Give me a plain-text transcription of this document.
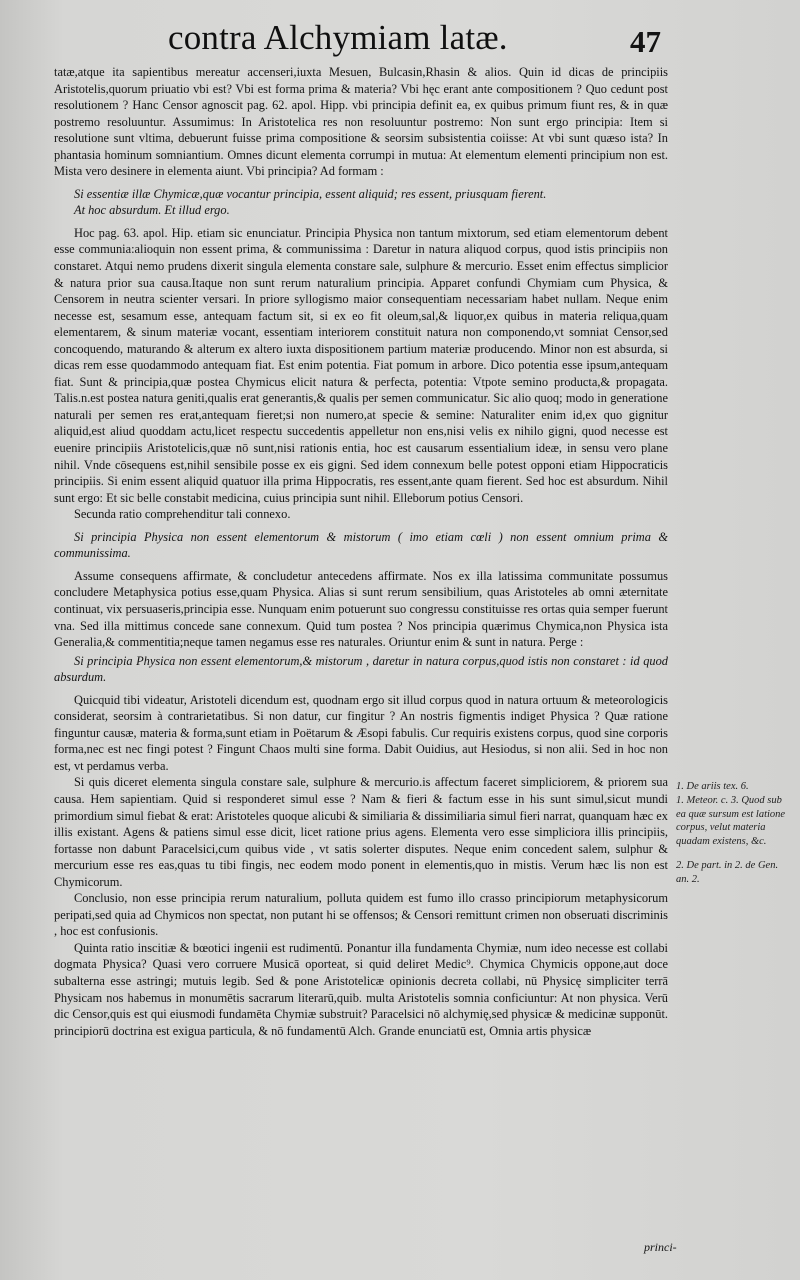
contra Alchymiam latæ.	47

tatæ,atque ita sapientibus mereatur accenseri,iuxta Mesuen, Bulcasin,Rhasin & alios. Quin id dicas de principiis Aristotelis,quorum priuatio vbi est? Vbi est forma prima & materia? Vbi hęc erant ante compositionem ? Quo cedunt post resolutionem ? Hanc Censor agnoscit pag. 62. apol. Hipp. vbi principia definit ea, ex quibus primum fiunt res, & in quæ postremo resoluuntur. Assumimus: In Aristotelica res non resoluuntur postremo: Non sunt ergo principia: Item si resolutione sunt vltima, debuerunt fuisse prima compositione & seorsim subsistentia coiisse: At vbi sunt quæso ista? In phantasia hominum somniantium. Omnes dicunt elementa corrumpi in mutua: At elementum elementi principium non est. Mista vero desinere in elementa aiunt. Vbi principia? Ad formam :

Si essentiæ illæ Chymicæ,quæ vocantur principia, essent aliquid; res essent, priusquam fierent.

At hoc absurdum. Et illud ergo.

Hoc pag. 63. apol. Hip. etiam sic enunciatur. Principia Physica non tantum mixtorum, sed etiam elementorum debent esse communia:alioquin non essent prima, & communissima : Daretur in natura aliquod corpus, quod istis principiis non constaret. Atqui nemo prudens dixerit singula elementa constare sale, sulphure & mercurio. Esset enim effectus simplicior & natura prior sua causa.Itaque non sunt rerum naturalium principia. Apparet confundi Chymiam cum Physica, & Censorem in neutra scienter versari. In priore syllogismo maior consequentiam necessariam habet nullam. Neque enim necesse est, sesamum esse, antequam factum sit, si ex eo fit oleum,sal,& liquor,ex quibus in materia reliqua,quam elementarem, & sinum materiæ vocant, essentiam interiorem constituit natura non componendo,vt somniat Censor,sed concoquendo, maturando & alterum ex altero iuxta dispositionem partium materiæ producendo. Minor non est absurda, si dicas rem esse quodammodo antequam fiat. Est enim potentia. Fiat pomum in arbore. Dico potentia esse ipsum,antequam fiat. Sunt & principia,quæ postea Chymicus elicit natura & perfecta, potentia: Vtpote semino producta,& propagata. Talis.n.est postea natura geniti,qualis erat generantis,& qualis per semen communicatur. Sic alio quoq; modo in generatione naturali per semen res erat,antequam fieret;si non numero,at specie & semine: Naturaliter enim id,ex quo gignitur aliquid,est aliud quoddam actu,licet respectu succedentis appelletur non ens,nisi velis ex nihilo gigni, quod necesse est euenire principiis Aristotelicis,quæ nō sunt,nisi rationis entia, hoc est causarum essentialium ideæ, in sensu vero plane nihil. Vnde cōsequens est,nihil sensibile posse ex eis gigni. Sed idem connexum belle potest opponi etiam Hippocraticis principiis. Si enim essent aliquid quatuor illa prima Hippocratis, res essent,ante quam fierent. Sed hoc est absurdum. Nihil sunt ergo: Et sic belle constabit medicina, cuius principia sunt nihil. Elleborum potius Censori.

Secunda ratio comprehenditur tali connexo.

Si principia Physica non essent elementorum & mistorum ( imo etiam cœli ) non essent omnium prima & communissima.

Assume consequens affirmate, & concludetur antecedens affirmate. Nos ex illa latissima communitate possumus concludere Metaphysica potius esse,quam Physica. Alias si sunt rerum sensibilium, quas Aristoteles ab omni æternitate continuat, vix persuaseris,principia esse. Nunquam enim potuerunt suo congressu constituisse res ortas quia semper fuerunt vna. Sed illa mittimus concede sane connexum. Quid tum postea ? Nos principia quærimus Chymica,non Physica ista Generalia,& commentitia;neque tamen negamus esse res naturales. Oriuntur enim & sunt in natura. Perge :

Si principia Physica non essent elementorum,& mistorum , daretur in natura corpus,quod istis non constaret : id quod absurdum.

Quicquid tibi videatur, Aristoteli dicendum est, quodnam ergo sit illud corpus quod in natura ortuum & meteorologicis considerat, seorsim à contrarietatibus. Si non datur, cur fingitur ? An nostris figmentis indiget Physica ? Quæ ratione finguntur causæ, materia & forma,sunt etiam in Poëtarum & Æsopi fabulis. Cur requiris existens corpus, quod sine corporis forma,nec est nec fingi potest ? Fingunt Chaos multi sine forma. Dabit Ouidius, aut Hesiodus, si non alii. Sed in hoc non est, vt perdamus verba.

Si quis diceret elementa singula constare sale, sulphure & mercurio.is affectum faceret simpliciorem, & priorem sua causa. Hem sapientiam. Quid si responderet simul esse ? Nam & fieri & factum esse in his sunt simul,sicut mundi primordium simul fiebat & erat: Aristoteles quoque alicubi & similiaria & dissimiliaria simul fieri narrat, quanquam hæc ex illis existant. Agens & patiens simul esse dicit, licet ratione prius agens. Elementa vero esse simpliciora illis principiis, fortasse non dabunt Paracelsici,cum quibus vide , vt satis solerter disputes. Neque enim concedent salem, sulphur & mercurium esse res eas,quas tu tibi fingis, nec eodem modo ponent in elementis,quo in mistis. Verum hæc lis non est Chymicorum.

Conclusio, non esse principia rerum naturalium, polluta quidem est fumo illo crasso principiorum metaphysicorum peripati,sed quia ad Chymicos non spectat, non putant hi se offensos; & Censori remittunt crimen non obseruati discriminis , hoc est confusionis.

Quinta ratio inscitiæ & bœotici ingenii est rudimentū. Ponantur illa fundamenta Chymiæ, num ideo necesse est collabi dogmata Physica? Quasi vero corruere Musicā oporteat, si quid deliret Medic⁹. Chymica Chymicis oppone,aut doce subalterna esse astringi; mutuis legib. Sed & pone Aristotelicæ opinionis decreta collabi, nū Physicę simpliciter terrā Physicam nos habemus in monumētis sacrarum literarū,quib. multa Aristotelis somnia conficiuntur: At non physica. Verū dic Censor,quis est qui eiusmodi fundamēta Chymiæ substruit? Paracelsici nō alchymię,sed physicæ & medicinæ supponūt. principiorū doctrina est exigua particula, & nō fundamentū Alch. Grande enunciatū est, Omnia artis physicæ

1. De ariis tex. 6.

1. Meteor. c. 3. Quod sub ea quæ sursum est latione corpus, velut materia quadam existens, &c.

2. De part. in 2. de Gen. an. 2.

princi-
